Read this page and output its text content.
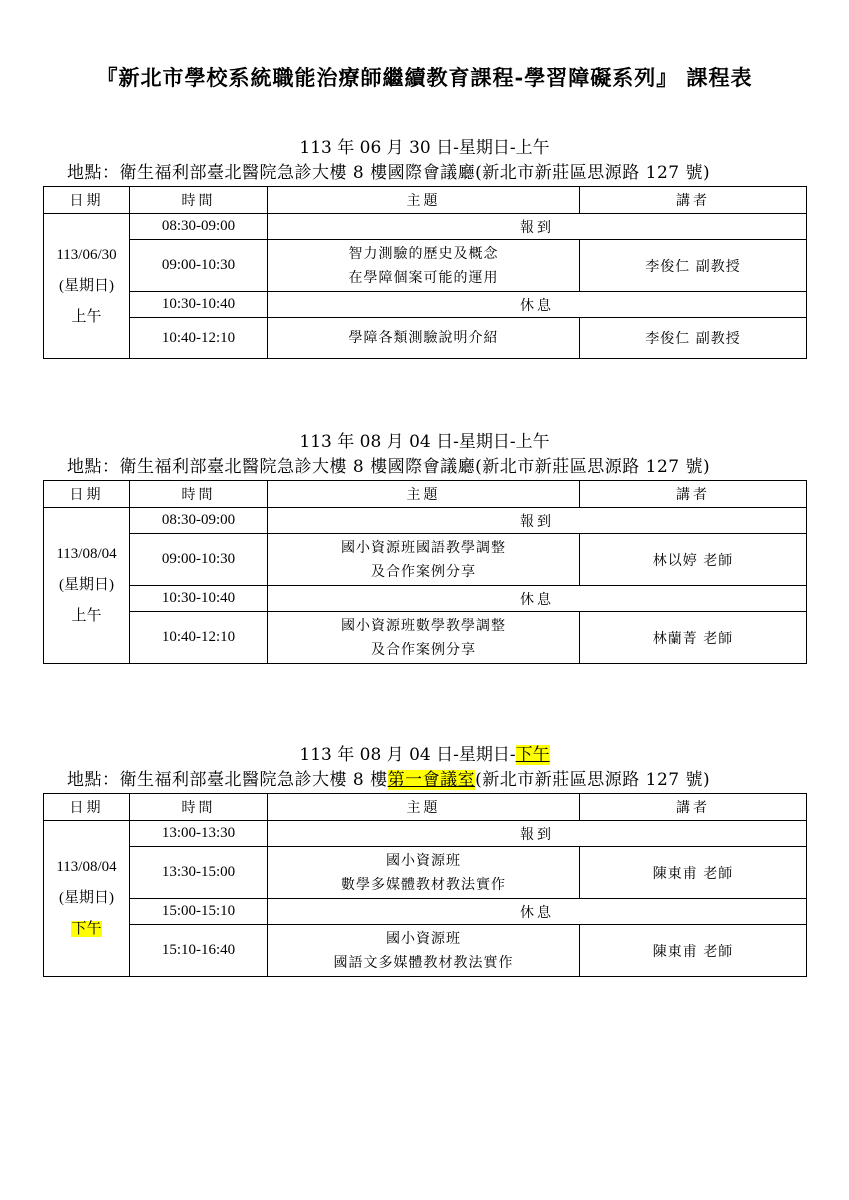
『新北市學校系統職能治療師繼續教育課程-學習障礙系列』 課程表
113 年 06 月 30 日-星期日-上午
地點：衛生福利部臺北醫院急診大樓 8 樓國際會議廳(新北市新莊區思源路 127 號)
日期	時間	主題	講者

113/06/30
(星期日)
上午	08:30-09:00	報到	
	09:00-10:30	智力測驗的歷史及概念
在學障個案可能的運用	李俊仁 副教授
	10:30-10:40	休息	
	10:40-12:10	學障各類測驗說明介紹	李俊仁 副教授
113 年 08 月 04 日-星期日-上午
地點：衛生福利部臺北醫院急診大樓 8 樓國際會議廳(新北市新莊區思源路 127 號)
日期	時間	主題	講者

113/08/04
(星期日)
上午	08:30-09:00	報到	
	09:00-10:30	國小資源班國語教學調整
及合作案例分享	林以婷 老師
	10:30-10:40	休息	
	10:40-12:10	國小資源班數學教學調整
及合作案例分享	林蘭菁 老師
113 年 08 月 04 日-星期日-下午
地點：衛生福利部臺北醫院急診大樓 8 樓第一會議室(新北市新莊區思源路 127 號)
日期	時間	主題	講者

113/08/04
(星期日)
下午	13:00-13:30	報到	
	13:30-15:00	國小資源班
數學多媒體教材教法實作	陳東甫 老師
	15:00-15:10	休息	
	15:10-16:40	國小資源班
國語文多媒體教材教法實作	陳東甫 老師
